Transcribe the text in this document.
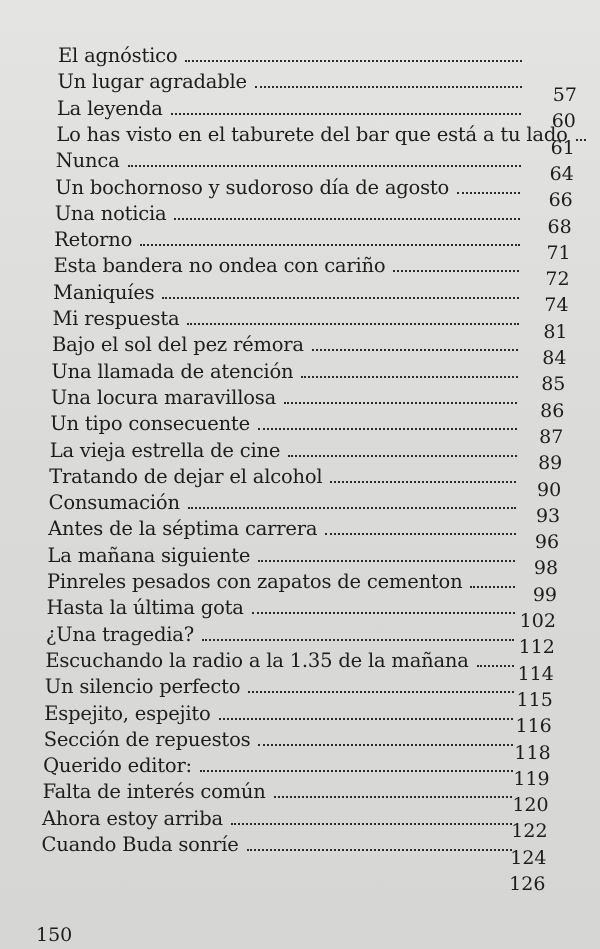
El agnóstico
Un lugar agradable
57
La leyenda
60
Lo has visto en el taburete del bar que está a tu lado
61
Nunca
64
Un bochornoso y sudoroso día de agosto
66
Una noticia
68
Retorno
71
Esta bandera no ondea con cariño
72
Maniquíes
74
Mi respuesta
81
Bajo el sol del pez rémora
84
Una llamada de atención
85
Una locura maravillosa
86
Un tipo consecuente
87
La vieja estrella de cine
89
Tratando de dejar el alcohol
90
Consumación
93
Antes de la séptima carrera
96
La mañana siguiente
98
Pinreles pesados con zapatos de cementon
99
Hasta la última gota
102
¿Una tragedia?
112
Escuchando la radio a la 1.35 de la mañana
114
Un silencio perfecto
115
Espejito, espejito
116
Sección de repuestos
118
Querido editor:
119
Falta de interés común
120
Ahora estoy arriba
122
Cuando Buda sonríe
124
126
150
